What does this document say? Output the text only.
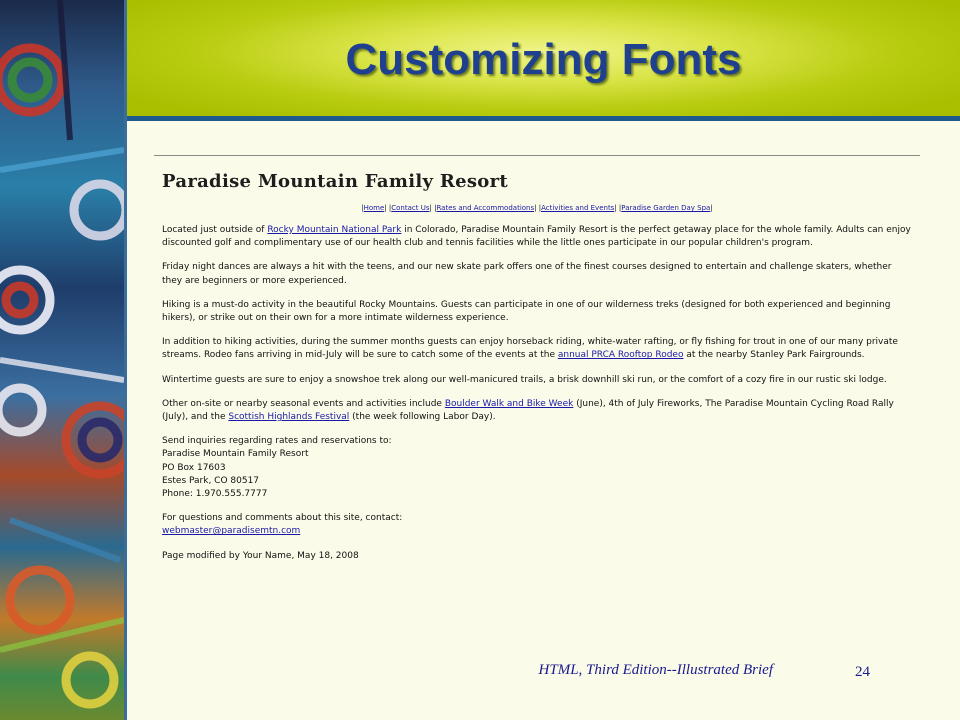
Customizing Fonts
Paradise Mountain Family Resort
|Home| |Contact Us| |Rates and Accommodations| |Activities and Events| |Paradise Garden Day Spa|

Located just outside of Rocky Mountain National Park in Colorado, Paradise Mountain Family Resort is the perfect getaway place for the whole family. Adults can enjoy discounted golf and complimentary use of our health club and tennis facilities while the little ones participate in our popular children's program.

Friday night dances are always a hit with the teens, and our new skate park offers one of the finest courses designed to entertain and challenge skaters, whether they are beginners or more experienced.

Hiking is a must-do activity in the beautiful Rocky Mountains. Guests can participate in one of our wilderness treks (designed for both experienced and beginning hikers), or strike out on their own for a more intimate wilderness experience.

In addition to hiking activities, during the summer months guests can enjoy horseback riding, white-water rafting, or fly fishing for trout in one of our many private streams. Rodeo fans arriving in mid-July will be sure to catch some of the events at the annual PRCA Rooftop Rodeo at the nearby Stanley Park Fairgrounds.

Wintertime guests are sure to enjoy a snowshoe trek along our well-manicured trails, a brisk downhill ski run, or the comfort of a cozy fire in our rustic ski lodge.

Other on-site or nearby seasonal events and activities include Boulder Walk and Bike Week (June), 4th of July Fireworks, The Paradise Mountain Cycling Road Rally (July), and the Scottish Highlands Festival (the week following Labor Day).

Send inquiries regarding rates and reservations to:
Paradise Mountain Family Resort
PO Box 17603
Estes Park, CO 80517
Phone: 1.970.555.7777

For questions and comments about this site, contact:
webmaster@paradisemtn.com

Page modified by Your Name, May 18, 2008

HTML, Third Edition--Illustrated Brief	24
